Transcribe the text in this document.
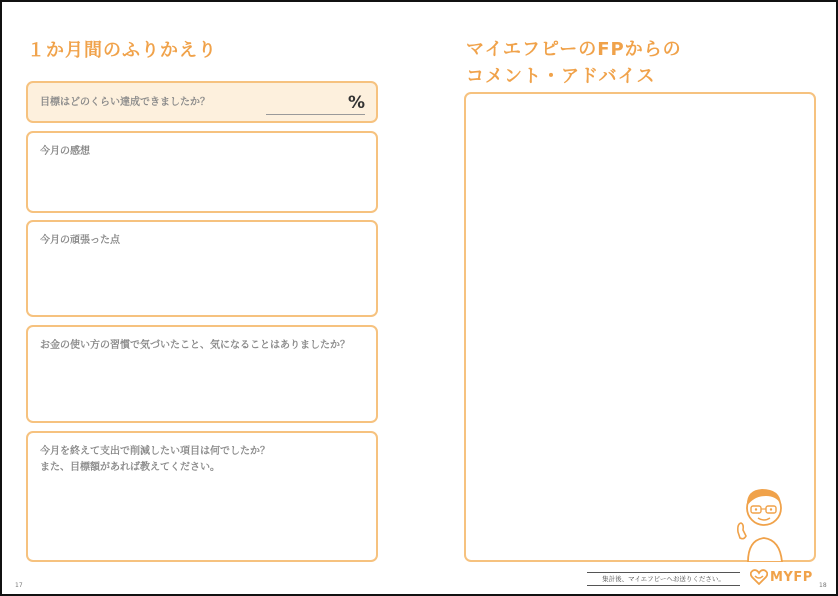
１か月間のふりかえり
目標はどのくらい達成できましたか？	%
今月の感想
今月の頑張った点
お金の使い方の習慣で気づいたこと、気になることはありましたか？
今月を終えて支出で削減したい項目は何でしたか？
また、目標額があれば教えてください。
17
マイエフピーのFPからの
コメント・アドバイス
集計後、マイエフピーへお送りください。	MYFP
18
